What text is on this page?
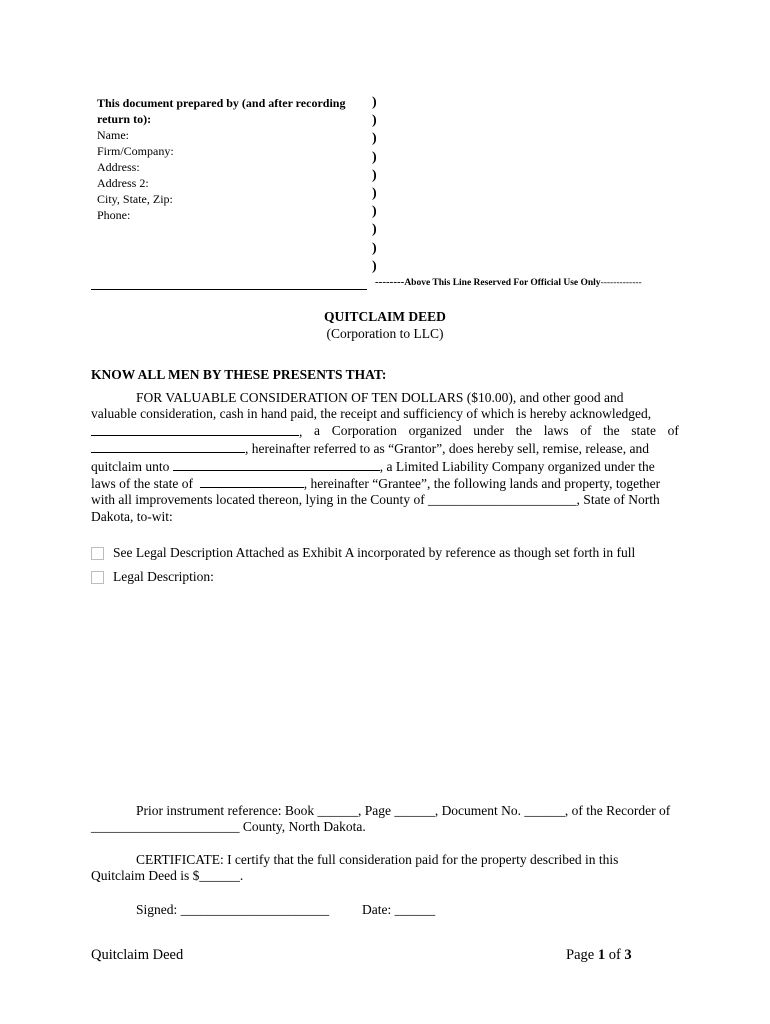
This document prepared by (and after recording
return to):
Name:
Firm/Company:
Address:
Address 2:
City, State, Zip:
Phone:
)
)
)
)
)
)
)
)
)
)
--------Above This Line Reserved For Official Use Only-------------
QUITCLAIM DEED
(Corporation to LLC)
KNOW ALL MEN BY THESE PRESENTS THAT:
FOR VALUABLE CONSIDERATION OF TEN DOLLARS ($10.00), and other good and
valuable consideration, cash in hand paid, the receipt and sufficiency of which is hereby acknowledged,
, a Corporation organized under the laws of the state of
, hereinafter referred to as “Grantor”, does hereby sell, remise, release, and
quitclaim unto	, a Limited Liability Company organized under the
laws of the state of	, hereinafter “Grantee”, the following lands and property, together
with all improvements located thereon, lying in the County of ______________________, State of North
Dakota, to-wit:
See Legal Description Attached as Exhibit A incorporated by reference as though set forth in full
Legal Description:
Prior instrument reference: Book ______, Page ______, Document No. ______, of the Recorder of
______________________ County, North Dakota.
CERTIFICATE: I certify that the full consideration paid for the property described in this
Quitclaim Deed is $______.
Signed: ______________________ Date: ______
Quitclaim Deed	Page 1 of 3
